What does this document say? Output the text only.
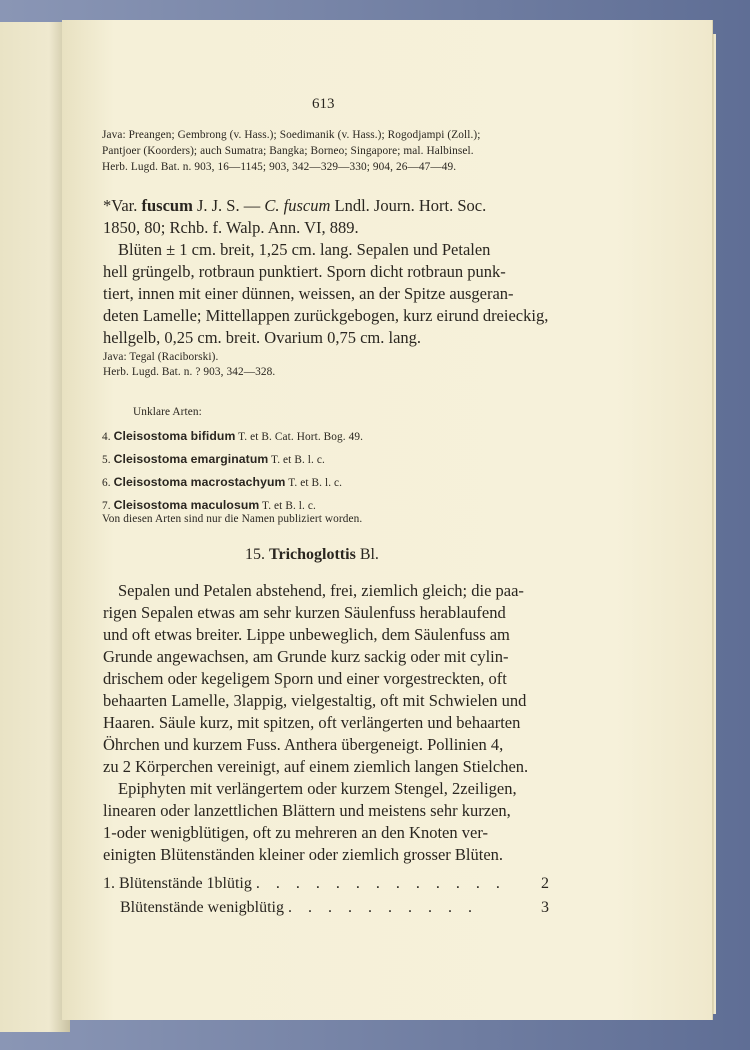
613
Java: Preangen; Gembrong (v. Hass.); Soedimanik (v. Hass.); Rogodjampi (Zoll.);
Pantjoer (Koorders); auch Sumatra; Bangka; Borneo; Singapore; mal. Halbinsel.
Herb. Lugd. Bat. n. 903, 16—1145; 903, 342—329—330; 904, 26—47—49.
*Var. fuscum J. J. S. — C. fuscum Lndl. Journ. Hort. Soc.
1850, 80; Rchb. f. Walp. Ann. VI, 889.
Blüten ± 1 cm. breit, 1,25 cm. lang. Sepalen und Petalen
hell grüngelb, rotbraun punktiert. Sporn dicht rotbraun punk-
tiert, innen mit einer dünnen, weissen, an der Spitze ausgeran-
deten Lamelle; Mittellappen zurückgebogen, kurz eirund dreieckig,
hellgelb, 0,25 cm. breit. Ovarium 0,75 cm. lang.
Java: Tegal (Raciborski).
Herb. Lugd. Bat. n. ? 903, 342—328.
Unklare Arten:
4. Cleisostoma bifidum T. et B. Cat. Hort. Bog. 49.
5. Cleisostoma emarginatum T. et B. l. c.
6. Cleisostoma macrostachyum T. et B. l. c.
7. Cleisostoma maculosum T. et B. l. c.
Von diesen Arten sind nur die Namen publiziert worden.
15. Trichoglottis Bl.
Sepalen und Petalen abstehend, frei, ziemlich gleich; die paa-
rigen Sepalen etwas am sehr kurzen Säulenfuss herablaufend
und oft etwas breiter. Lippe unbeweglich, dem Säulenfuss am
Grunde angewachsen, am Grunde kurz sackig oder mit cylin-
drischem oder kegeligem Sporn und einer vorgestreckten, oft
behaarten Lamelle, 3lappig, vielgestaltig, oft mit Schwielen und
Haaren. Säule kurz, mit spitzen, oft verlängerten und behaarten
Öhrchen und kurzem Fuss. Anthera übergeneigt. Pollinien 4,
zu 2 Körperchen vereinigt, auf einem ziemlich langen Stielchen.
Epiphyten mit verlängertem oder kurzem Stengel, 2zeiligen,
linearen oder lanzettlichen Blättern und meistens sehr kurzen,
1-oder wenigblütigen, oft zu mehreren an den Knoten ver-
einigten Blütenständen kleiner oder ziemlich grosser Blüten.
1. Blütenstände 1blütig . . . . . . . . . . . . . 2
Blütenstände wenigblütig . . . . . . . . . .	3
